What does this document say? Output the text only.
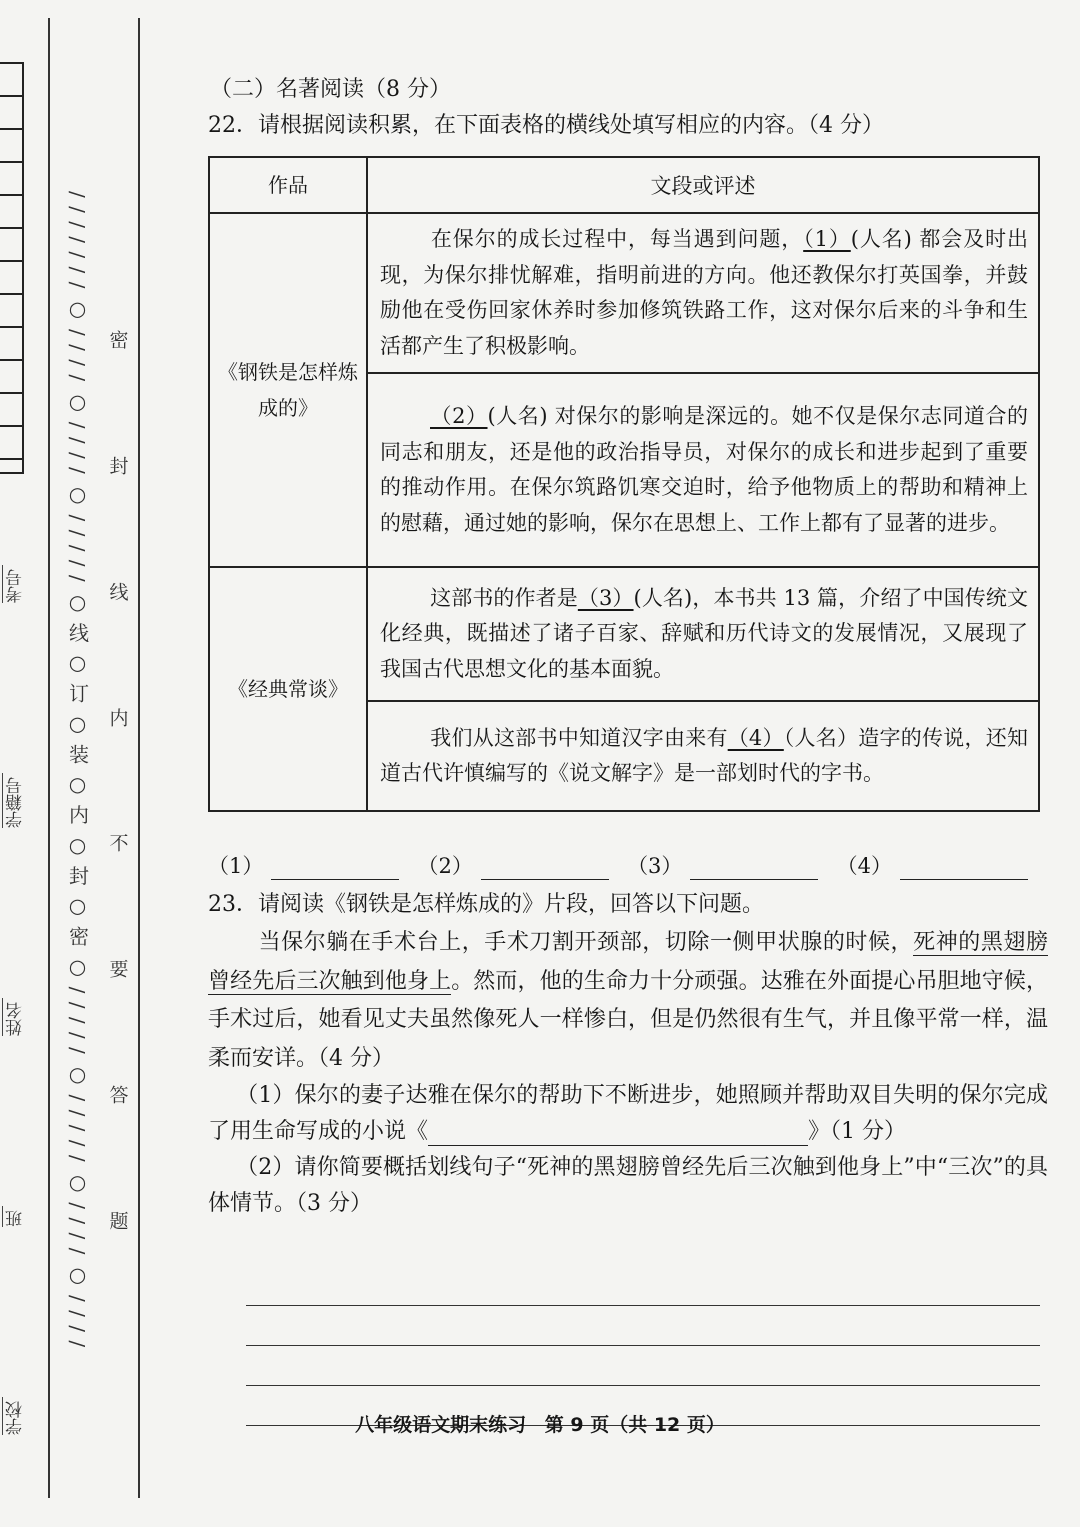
学校
班
姓名
学籍号
考号 / / / / / / / ○ / / / / ○ / / / / ○ / / / / / ○ 线 ○ 订 ○ 装 ○ 内 ○ 封 ○ 密 ○ / / / / / ○ / / / / / ○ / / / / ○ / / / / 密
封
线
内
不
要
答
题
（二）名著阅读（8 分）
22．请根据阅读积累，在下面表格的横线处填写相应的内容。（4 分）
作品	文段或评述
《钢铁是怎样炼成的》	在保尔的成长过程中，每当遇到问题，（1）(人名) 都会及时出现，为保尔排忧解难，指明前进的方向。他还教保尔打英国拳，并鼓励他在受伤回家休养时参加修筑铁路工作，这对保尔后来的斗争和生活都产生了积极影响。
	（2）(人名) 对保尔的影响是深远的。她不仅是保尔志同道合的同志和朋友，还是他的政治指导员，对保尔的成长和进步起到了重要的推动作用。在保尔筑路饥寒交迫时，给予他物质上的帮助和精神上的慰藉，通过她的影响，保尔在思想上、工作上都有了显著的进步。
《经典常谈》	这部书的作者是（3）(人名)，本书共 13 篇，介绍了中国传统文化经典，既描述了诸子百家、辞赋和历代诗文的发展情况，又展现了我国古代思想文化的基本面貌。
	我们从这部书中知道汉字由来有（4）（人名）造字的传说，还知道古代许慎编写的《说文解字》是一部划时代的字书。
（1）	（2）	（3）	（4）
23．请阅读《钢铁是怎样炼成的》片段，回答以下问题。
当保尔躺在手术台上，手术刀割开颈部，切除一侧甲状腺的时候，死神的黑翅膀曾经先后三次触到他身上。然而，他的生命力十分顽强。达雅在外面提心吊胆地守候，手术过后，她看见丈夫虽然像死人一样惨白，但是仍然很有生气，并且像平常一样，温柔而安详。（4 分）
（1）保尔的妻子达雅在保尔的帮助下不断进步，她照顾并帮助双目失明的保尔完成了用生命写成的小说《	》（1 分）
（2）请你简要概括划线句子“死神的黑翅膀曾经先后三次触到他身上”中“三次”的具体情节。（3 分）
八年级语文期末练习 第 9 页（共 12 页）
